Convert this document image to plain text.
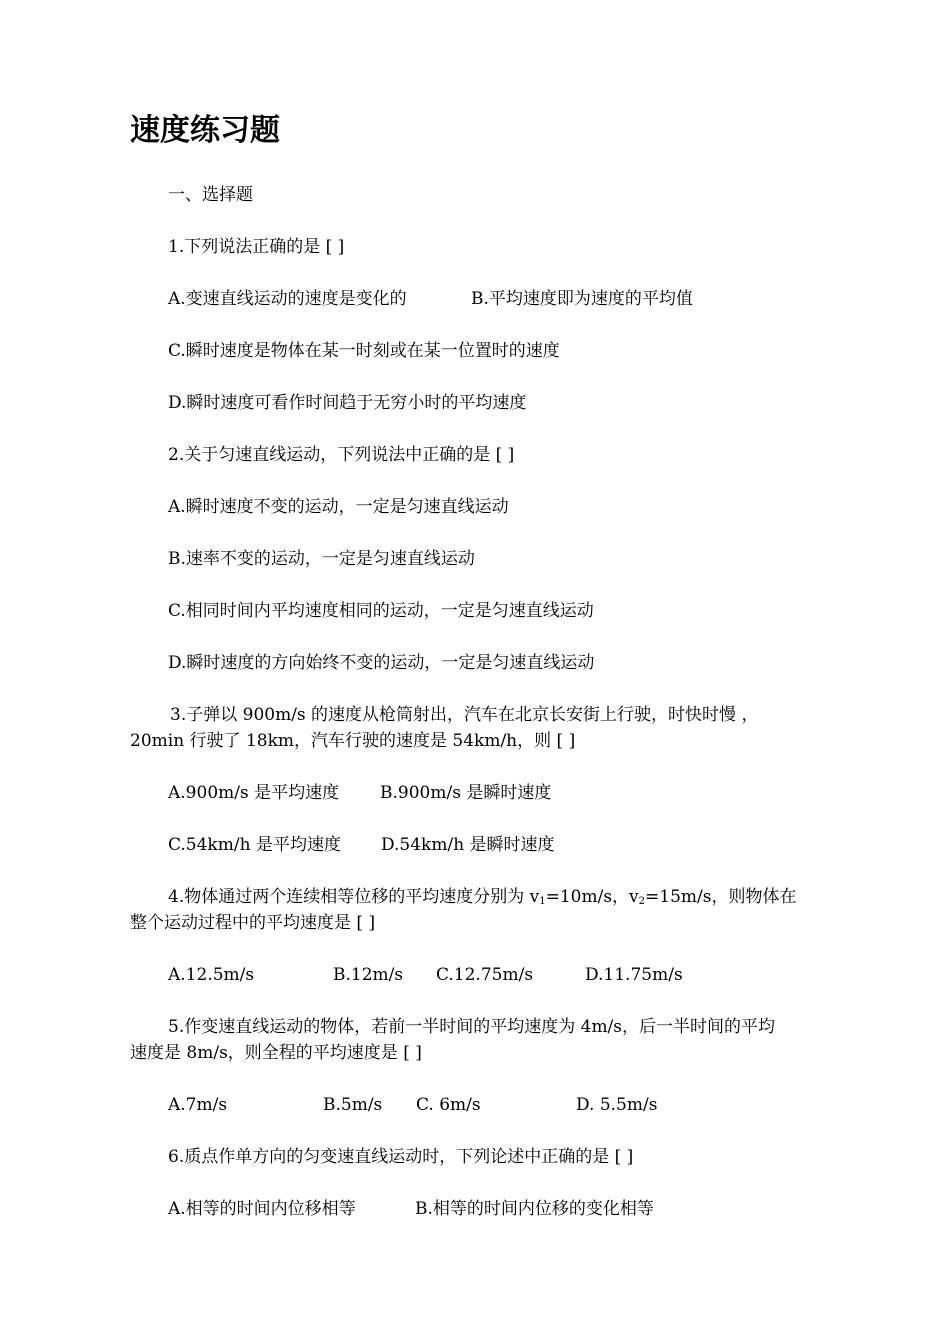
速度练习题
一、选择题
1.下列说法正确的是 [ ]
A.变速直线运动的速度是变化的	B.平均速度即为速度的平均值
C.瞬时速度是物体在某一时刻或在某一位置时的速度
D.瞬时速度可看作时间趋于无穷小时的平均速度
2.关于匀速直线运动，下列说法中正确的是 [ ]
A.瞬时速度不变的运动，一定是匀速直线运动
B.速率不变的运动，一定是匀速直线运动
C.相同时间内平均速度相同的运动，一定是匀速直线运动
D.瞬时速度的方向始终不变的运动，一定是匀速直线运动
3.子弹以 900m/s 的速度从枪筒射出，汽车在北京长安街上行驶，时快时慢 ，
20min 行驶了 18km，汽车行驶的速度是 54km/h，则 [ ]
A.900m/s 是平均速度 B.900m/s 是瞬时速度
C.54km/h 是平均速度 D.54km/h 是瞬时速度
4.物体通过两个连续相等位移的平均速度分别为 $v_1=10m/s$，$v_2=15m/s$，则物体在
整个运动过程中的平均速度是 [ ]
A.12.5m/s	B.12m/s C.12.75m/s	D.11.75m/s
5.作变速直线运动的物体，若前一半时间的平均速度为 4m/s，后一半时间的平均
速度是 8m/s，则全程的平均速度是 [ ]
A.7m/s	B.5m/s C. 6m/s	D. 5.5m/s
6.质点作单方向的匀变速直线运动时，下列论述中正确的是 [ ]
A.相等的时间内位移相等	B.相等的时间内位移的变化相等
